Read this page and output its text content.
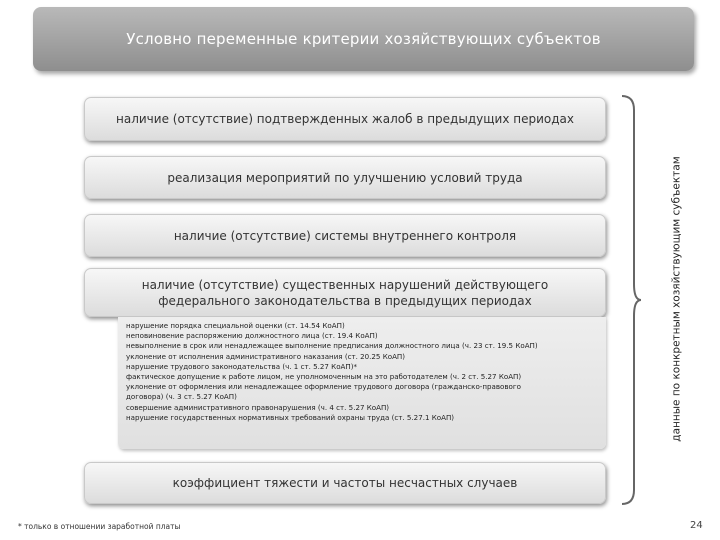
Условно переменные критерии хозяйствующих субъектов
наличие (отсутствие) подтвержденных жалоб в предыдущих периодах
реализация мероприятий по улучшению условий труда
наличие (отсутствие) системы внутреннего контроля
наличие (отсутствие) существенных нарушений действующего федерального законодательства в предыдущих периодах
нарушение порядка специальной оценки (ст. 14.54 КоАП)
неповиновение распоряжению должностного лица (ст. 19.4 КоАП)
невыполнение в срок или ненадлежащее выполнение предписания должностного лица (ч. 23 ст. 19.5 КоАП)
уклонение от исполнения административного наказания (ст. 20.25 КоАП)
нарушение трудового законодательства (ч. 1 ст. 5.27 КоАП)*
фактическое допущение к работе лицом, не уполномоченным на это работодателем (ч. 2 ст. 5.27 КоАП)
уклонение от оформления или ненадлежащее оформление трудового договора (гражданско-правового
договора) (ч. 3 ст. 5.27 КоАП)
совершение административного правонарушения (ч. 4 ст. 5.27 КоАП)
нарушение государственных нормативных требований охраны труда (ст. 5.27.1 КоАП)
коэффициент тяжести и частоты несчастных случаев
данные по конкретным хозяйствующим субъектам
* только в отношении заработной платы	24
